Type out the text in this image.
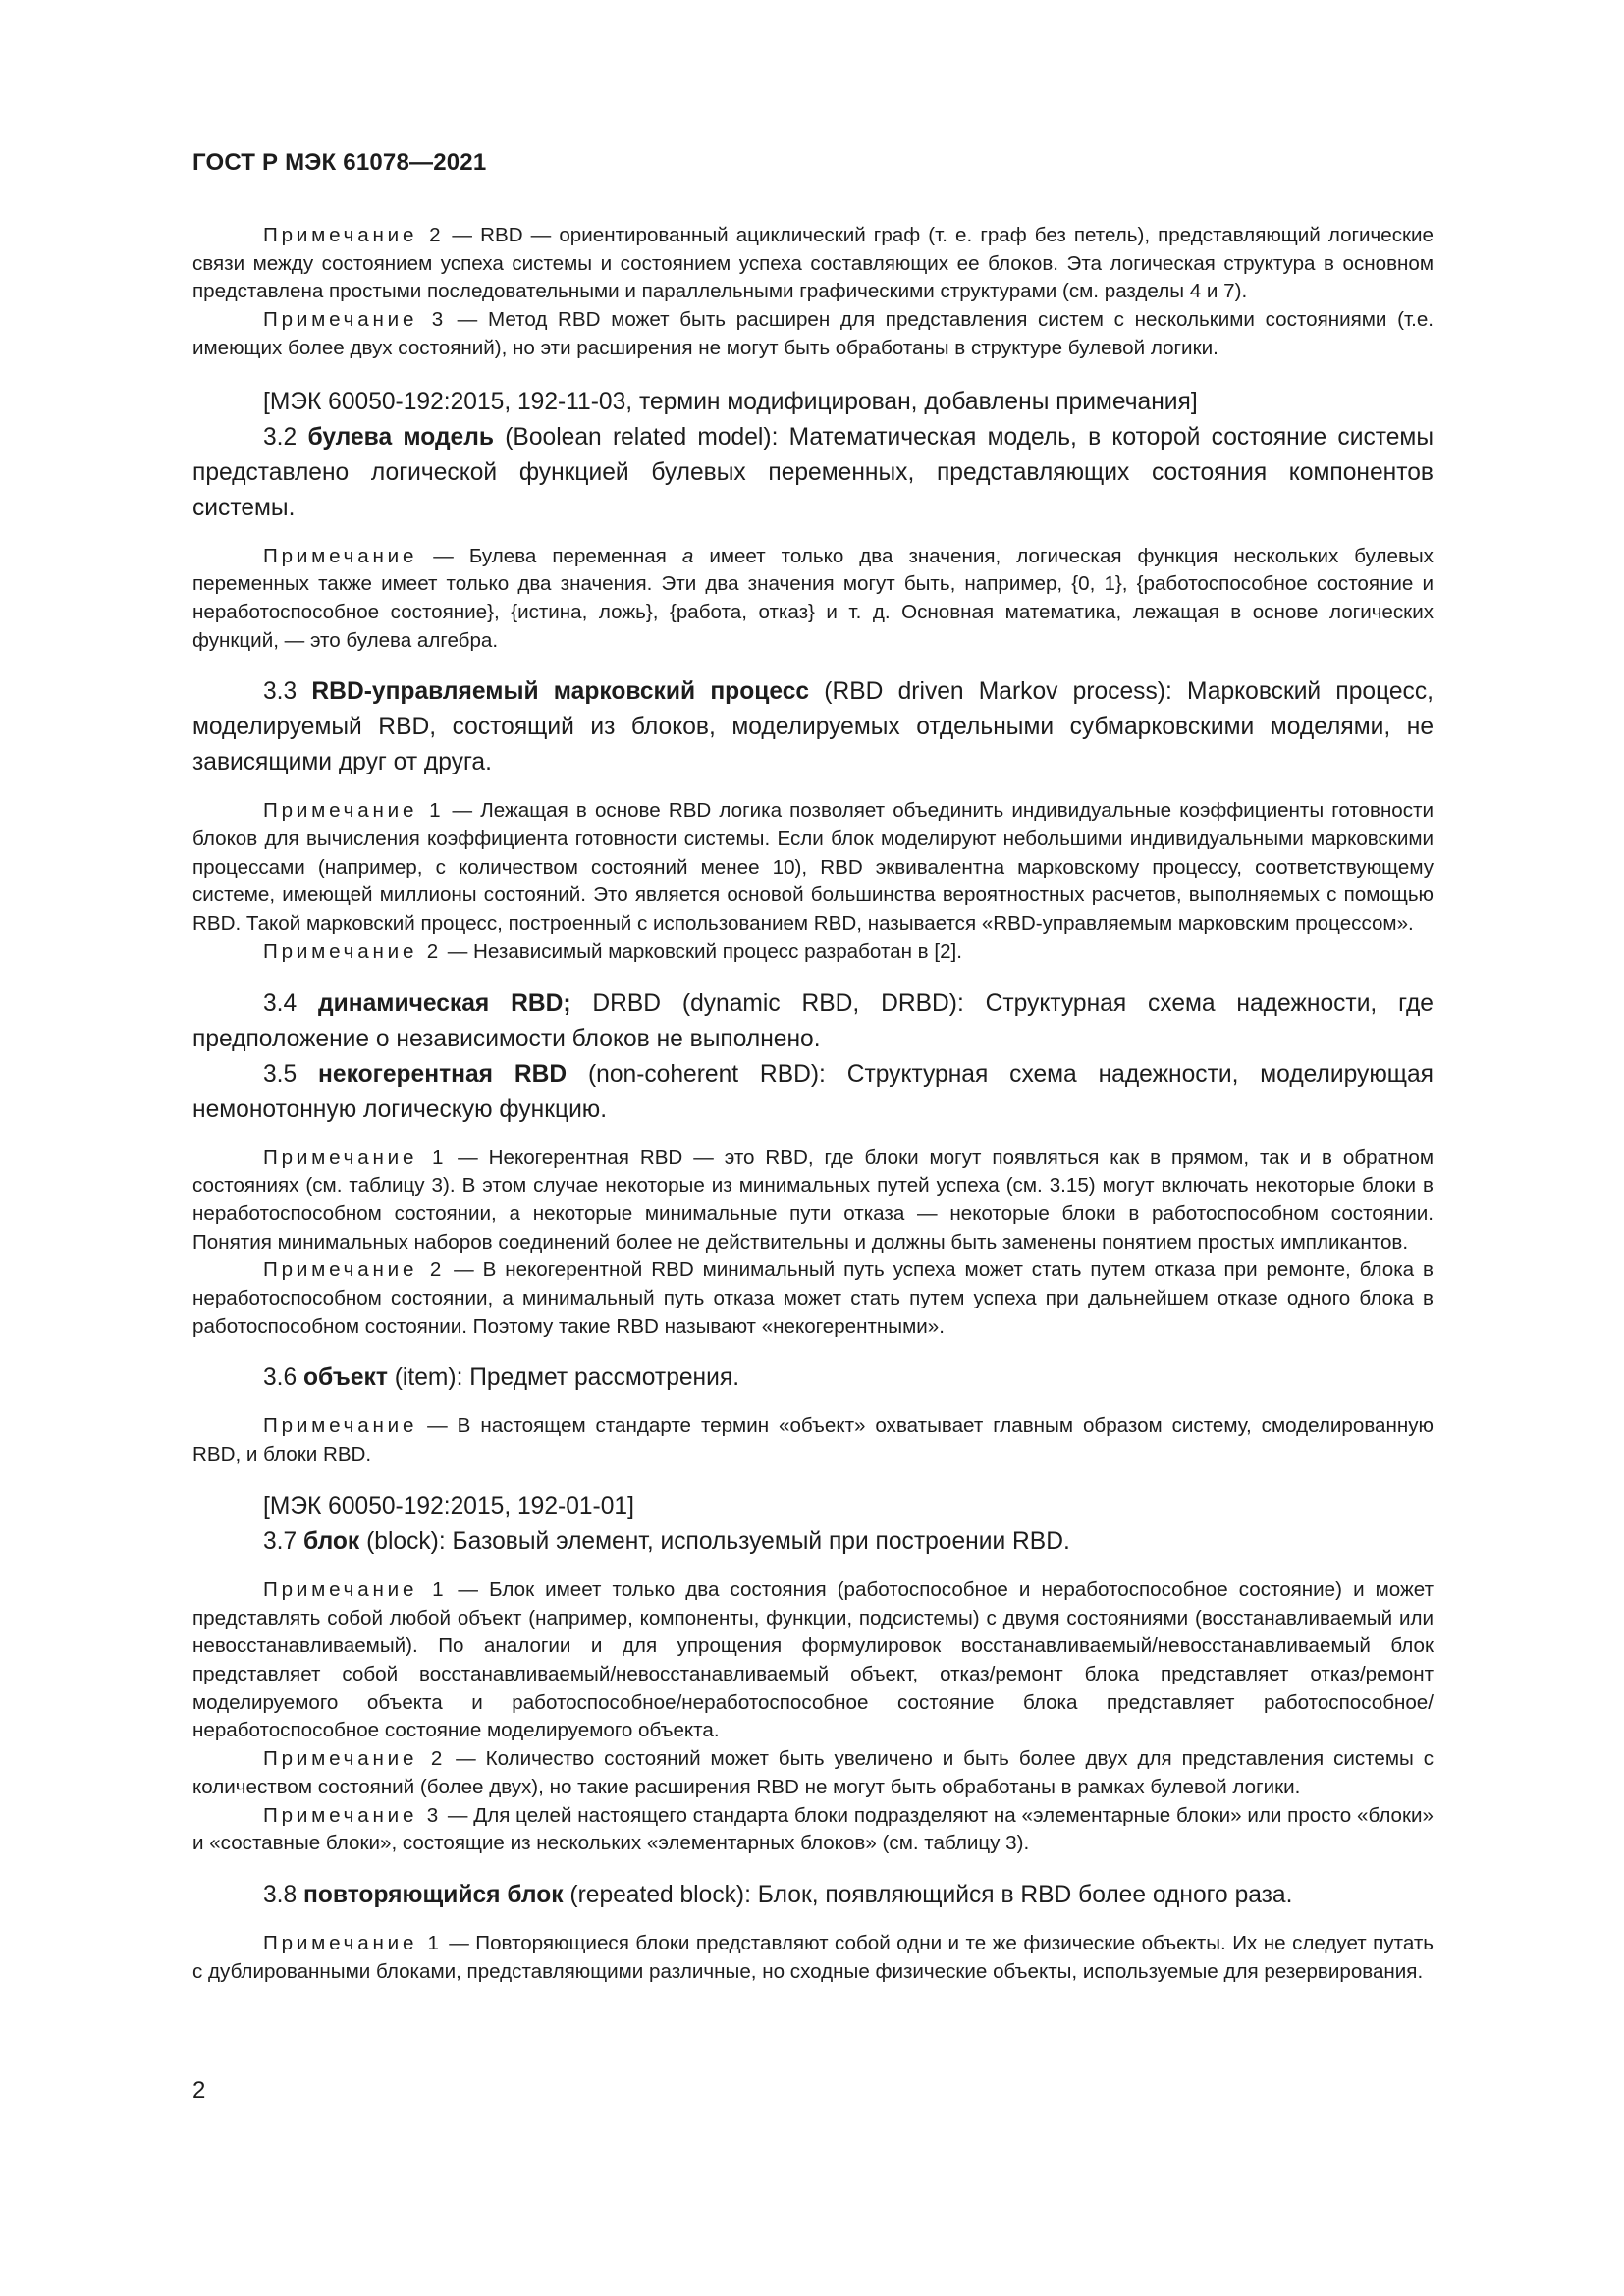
ГОСТ Р МЭК 61078—2021

Примечание 2 — RBD — ориентированный ациклический граф (т. е. граф без петель), представляющий логические связи между состоянием успеха системы и состоянием успеха составляющих ее блоков. Эта логическая структура в основном представлена простыми последовательными и параллельными графическими структурами (см. разделы 4 и 7).

Примечание 3 — Метод RBD может быть расширен для представления систем с несколькими состояниями (т.е. имеющих более двух состояний), но эти расширения не могут быть обработаны в структуре булевой логики.

[МЭК 60050-192:2015, 192-11-03, термин модифицирован, добавлены примечания]

3.2 булева модель (Boolean related model): Математическая модель, в которой состояние системы представлено логической функцией булевых переменных, представляющих состояния компонентов системы.

Примечание — Булева переменная a имеет только два значения, логическая функция нескольких булевых переменных также имеет только два значения. Эти два значения могут быть, например, {0, 1}, {работоспособное состояние и неработоспособное состояние}, {истина, ложь}, {работа, отказ} и т. д. Основная математика, лежащая в основе логических функций, — это булева алгебра.

3.3 RBD-управляемый марковский процесс (RBD driven Markov process): Марковский процесс, моделируемый RBD, состоящий из блоков, моделируемых отдельными субмарковскими моделями, не зависящими друг от друга.

Примечание 1 — Лежащая в основе RBD логика позволяет объединить индивидуальные коэффициенты готовности блоков для вычисления коэффициента готовности системы. Если блок моделируют небольшими индивидуальными марковскими процессами (например, с количеством состояний менее 10), RBD эквивалентна марковскому процессу, соответствующему системе, имеющей миллионы состояний. Это является основой большинства вероятностных расчетов, выполняемых с помощью RBD. Такой марковский процесс, построенный с использованием RBD, называется «RBD-управляемым марковским процессом».

Примечание 2 — Независимый марковский процесс разработан в [2].

3.4 динамическая RBD; DRBD (dynamic RBD, DRBD): Структурная схема надежности, где предположение о независимости блоков не выполнено.

3.5 некогерентная RBD (non-coherent RBD): Структурная схема надежности, моделирующая немонотонную логическую функцию.

Примечание 1 — Некогерентная RBD — это RBD, где блоки могут появляться как в прямом, так и в обратном состояниях (см. таблицу 3). В этом случае некоторые из минимальных путей успеха (см. 3.15) могут включать некоторые блоки в неработоспособном состоянии, а некоторые минимальные пути отказа — некоторые блоки в работоспособном состоянии. Понятия минимальных наборов соединений более не действительны и должны быть заменены понятием простых импликантов.

Примечание 2 — В некогерентной RBD минимальный путь успеха может стать путем отказа при ремонте, блока в неработоспособном состоянии, а минимальный путь отказа может стать путем успеха при дальнейшем отказе одного блока в работоспособном состоянии. Поэтому такие RBD называют «некогерентными».

3.6 объект (item): Предмет рассмотрения.

Примечание — В настоящем стандарте термин «объект» охватывает главным образом систему, смоделированную RBD, и блоки RBD.

[МЭК 60050-192:2015, 192-01-01]

3.7 блок (block): Базовый элемент, используемый при построении RBD.

Примечание 1 — Блок имеет только два состояния (работоспособное и неработоспособное состояние) и может представлять собой любой объект (например, компоненты, функции, подсистемы) с двумя состояниями (восстанавливаемый или невосстанавливаемый). По аналогии и для упрощения формулировок восстанавливаемый/невосстанавливаемый блок представляет собой восстанавливаемый/невосстанавливаемый объект, отказ/ремонт блока представляет отказ/ремонт моделируемого объекта и работоспособное/неработоспособное состояние блока представляет работоспособное/неработоспособное состояние моделируемого объекта.

Примечание 2 — Количество состояний может быть увеличено и быть более двух для представления системы с количеством состояний (более двух), но такие расширения RBD не могут быть обработаны в рамках булевой логики.

Примечание 3 — Для целей настоящего стандарта блоки подразделяют на «элементарные блоки» или просто «блоки» и «составные блоки», состоящие из нескольких «элементарных блоков» (см. таблицу 3).

3.8 повторяющийся блок (repeated block): Блок, появляющийся в RBD более одного раза.

Примечание 1 — Повторяющиеся блоки представляют собой одни и те же физические объекты. Их не следует путать с дублированными блоками, представляющими различные, но сходные физические объекты, используемые для резервирования.

2
